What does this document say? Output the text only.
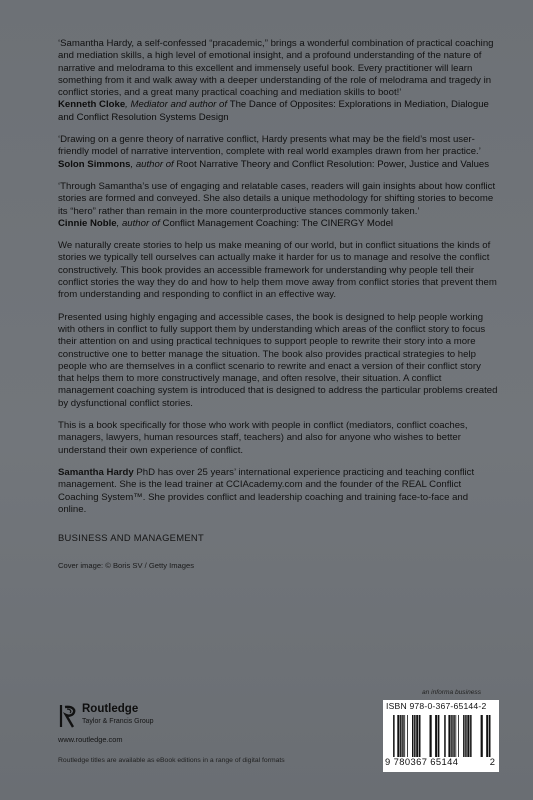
‘Samantha Hardy, a self-confessed “pracademic,” brings a wonderful combination of practical coaching and mediation skills, a high level of emotional insight, and a profound understanding of the nature of narrative and melodrama to this excellent and immensely useful book. Every practitioner will learn something from it and walk away with a deeper understanding of the role of melodrama and tragedy in conflict stories, and a great many practical coaching and mediation skills to boot!’

Kenneth Cloke, Mediator and author of The Dance of Opposites: Explorations in Mediation, Dialogue and Conflict Resolution Systems Design

‘Drawing on a genre theory of narrative conflict, Hardy presents what may be the field’s most user-friendly model of narrative intervention, complete with real world examples drawn from her practice.’

Solon Simmons, author of Root Narrative Theory and Conflict Resolution: Power, Justice and Values

‘Through Samantha’s use of engaging and relatable cases, readers will gain insights about how conflict stories are formed and conveyed. She also details a unique methodology for shifting stories to become its “hero” rather than remain in the more counterproductive stances commonly taken.’

Cinnie Noble, author of Conflict Management Coaching: The CINERGY Model

We naturally create stories to help us make meaning of our world, but in conflict situations the kinds of stories we typically tell ourselves can actually make it harder for us to manage and resolve the conflict constructively. This book provides an accessible framework for understanding why people tell their conflict stories the way they do and how to help them move away from conflict stories that prevent them from understanding and responding to conflict in an effective way.

Presented using highly engaging and accessible cases, the book is designed to help people working with others in conflict to fully support them by understanding which areas of the conflict story to focus their attention on and using practical techniques to support people to rewrite their story into a more constructive one to better manage the situation. The book also provides practical strategies to help people who are themselves in a conflict scenario to rewrite and enact a version of their conflict story that helps them to more constructively manage, and often resolve, their situation. A conflict management coaching system is introduced that is designed to address the particular problems created by dysfunctional conflict stories.

This is a book specifically for those who work with people in conflict (mediators, conflict coaches, managers, lawyers, human resources staff, teachers) and also for anyone who wishes to better understand their own experience of conflict.

Samantha Hardy PhD has over 25 years’ international experience practicing and teaching conflict management. She is the lead trainer at CCIAcademy.com and the founder of the REAL Conflict Coaching System™. She provides conflict and leadership coaching and training face-to-face and online.

BUSINESS AND MANAGEMENT

Cover image: © Boris SV / Getty Images

an informa business
Routledge
Taylor & Francis Group
www.routledge.com
Routledge titles are available as eBook editions in a range of digital formats
ISBN 978-0-367-65144-2
9 780367 65144	2
